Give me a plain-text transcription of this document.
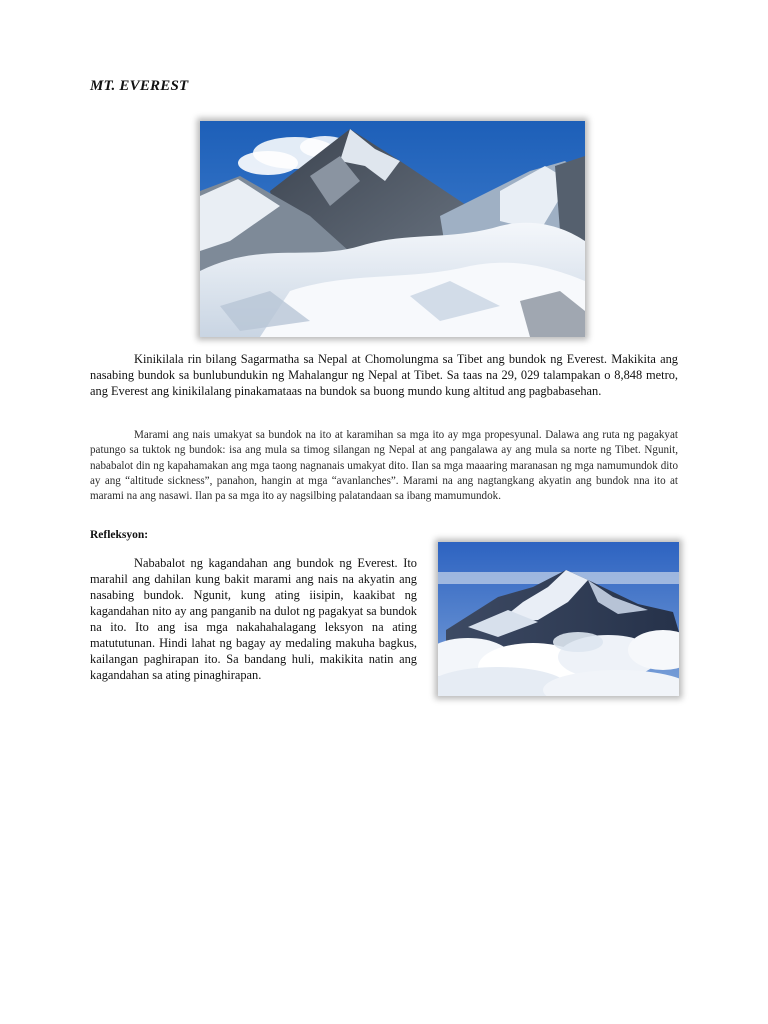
MT. EVEREST

Kinikilala rin bilang Sagarmatha sa Nepal at Chomolungma sa Tibet ang bundok ng Everest. Makikita ang nasabing bundok sa bunlubundukin ng Mahalangur ng Nepal at Tibet. Sa taas na 29, 029 talampakan o 8,848 metro, ang Everest ang kinikilalang pinakamataas na bundok sa buong mundo kung altitud ang pagbabasehan.

Marami ang nais umakyat sa bundok na ito at karamihan sa mga ito ay mga propesyunal. Dalawa ang ruta ng pagakyat patungo sa tuktok ng bundok: isa ang mula sa timog silangan ng Nepal at ang pangalawa ay ang mula sa norte ng Tibet. Ngunit, nababalot din ng kapahamakan ang mga taong nagnanais umakyat dito. Ilan sa mga maaaring maranasan ng mga namumundok dito ay ang “altitude sickness”, panahon, hangin at mga “avanlanches”. Marami na ang nagtangkang akyatin ang bundok nna ito at marami na ang nasawi. Ilan pa sa mga ito ay nagsilbing palatandaan sa ibang mamumundok.

Refleksyon:

Nababalot ng kagandahan ang bundok ng Everest. Ito marahil ang dahilan kung bakit marami ang nais na akyatin ang nasabing bundok. Ngunit, kung ating iisipin, kaakibat ng kagandahan nito ay ang panganib na dulot ng pagakyat sa bundok na ito. Ito ang isa mga nakahahalagang leksyon na ating matututunan. Hindi lahat ng bagay ay medaling makuha bagkus, kailangan paghirapan ito. Sa bandang huli, makikita natin ang kagandahan sa ating pinaghirapan.
